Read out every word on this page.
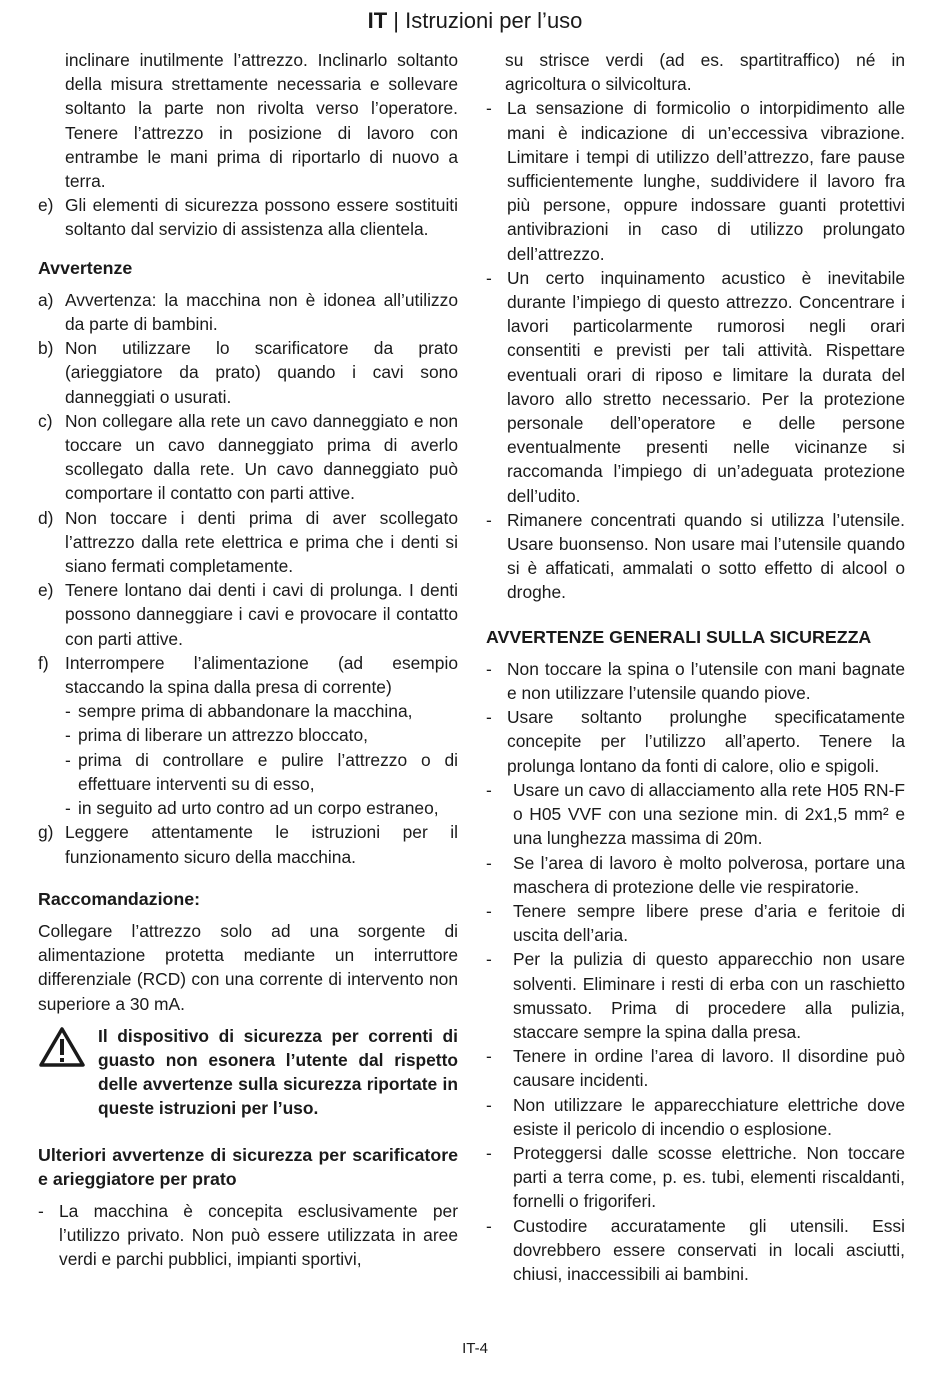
IT | Istruzioni per l’uso

inclinare inutilmente l’attrezzo. Inclinarlo soltanto della misura strettamente necessaria e sollevare soltanto la parte non rivolta verso l’operatore. Tenere l’attrezzo in posizione di lavoro con entrambe le mani prima di riportarlo di nuovo a terra.

e) Gli elementi di sicurezza possono essere sostituiti soltanto dal servizio di assistenza alla clientela.

Avvertenze

a) Avvertenza: la macchina non è idonea all’utilizzo da parte di bambini.
b) Non utilizzare lo scarificatore da prato (arieggiatore da prato) quando i cavi sono danneggiati o usurati.
c) Non collegare alla rete un cavo danneggiato e non toccare un cavo danneggiato prima di averlo scollegato dalla rete. Un cavo danneggiato può comportare il contatto con parti attive.
d) Non toccare i denti prima di aver scollegato l’attrezzo dalla rete elettrica e prima che i denti si siano fermati completamente.
e) Tenere lontano dai denti i cavi di prolunga. I denti possono danneggiare i cavi e provocare il contatto con parti attive.
f) Interrompere l’alimentazione (ad esempio staccando la spina dalla presa di corrente)
- sempre prima di abbandonare la macchina,
- prima di liberare un attrezzo bloccato,
- prima di controllare e pulire l’attrezzo o di effettuare interventi su di esso,
- in seguito ad urto contro ad un corpo estraneo,
g) Leggere attentamente le istruzioni per il funzionamento sicuro della macchina.

Raccomandazione:

Collegare l’attrezzo solo ad una sorgente di alimentazione protetta mediante un interruttore differenziale (RCD) con una corrente di intervento non superiore a 30 mA.

Il dispositivo di sicurezza per correnti di guasto non esonera l’utente dal rispetto delle avvertenze sulla sicurezza riportate in queste istruzioni per l’uso.

Ulteriori avvertenze di sicurezza per scarificatore e arieggiatore per prato

- La macchina è concepita esclusivamente per l’utilizzo privato. Non può essere utilizzata in aree verdi e parchi pubblici, impianti sportivi,

su strisce verdi (ad es. spartitraffico) né in agricoltura o silvicoltura.

- La sensazione di formicolio o intorpidimento alle mani è indicazione di un’eccessiva vibrazione. Limitare i tempi di utilizzo dell’attrezzo, fare pause sufficientemente lunghe, suddividere il lavoro fra più persone, oppure indossare guanti protettivi antivibrazioni in caso di utilizzo prolungato dell’attrezzo.
- Un certo inquinamento acustico è inevitabile durante l’impiego di questo attrezzo. Concentrare i lavori particolarmente rumorosi negli orari consentiti e previsti per tali attività. Rispettare eventuali orari di riposo e limitare la durata del lavoro allo stretto necessario. Per la protezione personale dell’operatore e delle persone eventualmente presenti nelle vicinanze si raccomanda l’impiego di un’adeguata protezione dell’udito.
- Rimanere concentrati quando si utilizza l’utensile. Usare buonsenso. Non usare mai l’utensile quando si è affaticati, ammalati o sotto effetto di alcool o droghe.

AVVERTENZE GENERALI SULLA SICUREZZA

- Non toccare la spina o l’utensile con mani bagnate e non utilizzare l’utensile quando piove.
- Usare soltanto prolunghe specificatamente concepite per l’utilizzo all’aperto. Tenere la prolunga lontano da fonti di calore, olio e spigoli.
-	Usare un cavo di allacciamento alla rete H05 RN-F o H05 VVF con una sezione min. di 2x1,5 mm² e una lunghezza massima di 20m.
-	Se l’area di lavoro è molto polverosa, portare una maschera di protezione delle vie respiratorie.
-	Tenere sempre libere prese d’aria e feritoie di uscita dell’aria.
-	Per la pulizia di questo apparecchio non usare solventi. Eliminare i resti di erba con un raschietto smussato. Prima di procedere alla pulizia, staccare sempre la spina dalla presa.
-	Tenere in ordine l’area di lavoro. Il disordine può causare incidenti.
-	Non utilizzare le apparecchiature elettriche dove esiste il pericolo di incendio o esplosione.
-	Proteggersi dalle scosse elettriche. Non toccare parti a terra come, p. es. tubi, elementi riscaldanti, fornelli o frigoriferi.
-	Custodire accuratamente gli utensili. Essi dovrebbero essere conservati in locali asciutti, chiusi, inaccessibili ai bambini.
IT-4
